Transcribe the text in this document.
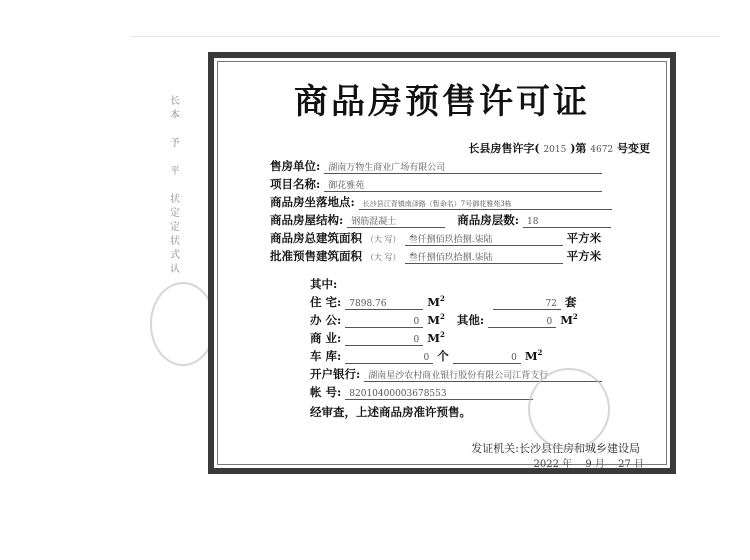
长
本

予

平

状
定
定
状
式
认
商品房预售许可证
长县房售许字( 2015 )第 4672 号变更
售房单位: 湖南万物生商业广场有限公司
项目名称: 御花雅苑
商品房坐落地点: 长沙县江背镇南泽路（暂命名）7号御花雅苑3栋
商品房屋结构: 钢筋混凝土	商品房层数: 18
商品房总建筑面积 （大 写） 叁仟捌佰玖拾捌.柒陆	平方米
批准预售建筑面积 （大 写） 叁仟捌佰玖拾捌.柒陆	平方米
其中:
住 宅: 7898.76	$M^2$ 72 套
办 公:	0 $M^2$ 其他:	0 $M^2$
商 业:	0 $M^2$
车 库:	0 个	0 $M^2$
开户银行: 湖南星沙农村商业银行股份有限公司江背支行
帐 号: 82010400003678553
经审查，上述商品房准许预售。
发证机关:长沙县住房和城乡建设局
2022 年 9 月 27 日
